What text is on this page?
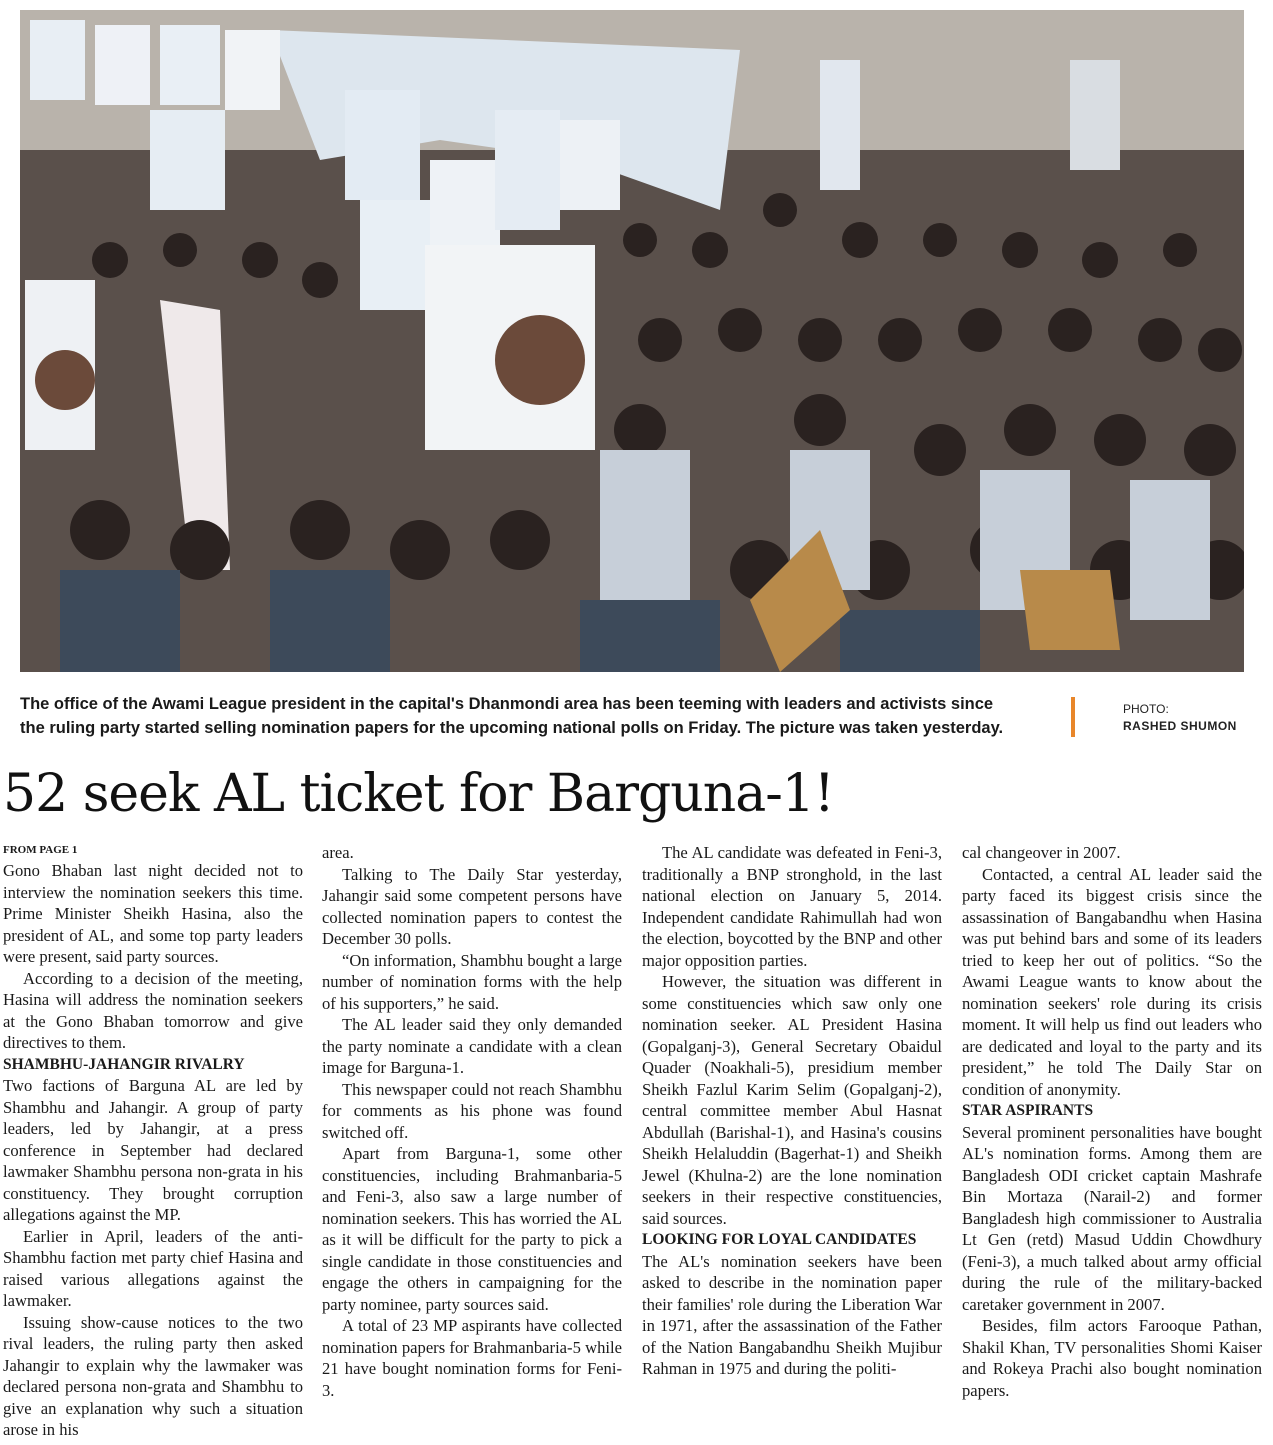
The office of the Awami League president in the capital's Dhanmondi area has been teeming with leaders and activists since
the ruling party started selling nomination papers for the upcoming national polls on Friday. The picture was taken yesterday.
PHOTO:
RASHED SHUMON
52 seek AL ticket for Barguna-1!

FROM PAGE 1

Gono Bhaban last night decided not to interview the nomination seekers this time. Prime Minister Sheikh Hasina, also the president of AL, and some top party leaders were present, said party sources.

According to a decision of the meeting, Hasina will address the nomination seekers at the Gono Bhaban tomorrow and give directives to them.

SHAMBHU-JAHANGIR RIVALRY

Two factions of Barguna AL are led by Shambhu and Jahangir. A group of party leaders, led by Jahangir, at a press conference in September had declared lawmaker Shambhu persona non-grata in his constituency. They brought corruption allegations against the MP.

Earlier in April, leaders of the anti-Shambhu faction met party chief Hasina and raised various allegations against the lawmaker.

Issuing show-cause notices to the two rival leaders, the ruling party then asked Jahangir to explain why the lawmaker was declared persona non-grata and Shambhu to give an explanation why such a situation arose in his

area.

Talking to The Daily Star yesterday, Jahangir said some competent persons have collected nomination papers to contest the December 30 polls.

“On information, Shambhu bought a large number of nomination forms with the help of his supporters,” he said.

The AL leader said they only demanded the party nominate a candidate with a clean image for Barguna-1.

This newspaper could not reach Shambhu for comments as his phone was found switched off.

Apart from Barguna-1, some other constituencies, including Brahmanbaria-5 and Feni-3, also saw a large number of nomination seekers. This has worried the AL as it will be difficult for the party to pick a single candidate in those constituencies and engage the others in campaigning for the party nominee, party sources said.

A total of 23 MP aspirants have collected nomination papers for Brahmanbaria-5 while 21 have bought nomination forms for Feni-3.

The AL candidate was defeated in Feni-3, traditionally a BNP stronghold, in the last national election on January 5, 2014. Independent candidate Rahimullah had won the election, boycotted by the BNP and other major opposition parties.

However, the situation was different in some constituencies which saw only one nomination seeker. AL President Hasina (Gopalganj-3), General Secretary Obaidul Quader (Noakhali-5), presidium member Sheikh Fazlul Karim Selim (Gopalganj-2), central committee member Abul Hasnat Abdullah (Barishal-1), and Hasina's cousins Sheikh Helaluddin (Bagerhat-1) and Sheikh Jewel (Khulna-2) are the lone nomination seekers in their respective constituencies, said sources.

LOOKING FOR LOYAL CANDIDATES

The AL's nomination seekers have been asked to describe in the nomination paper their families' role during the Liberation War in 1971, after the assassination of the Father of the Nation Bangabandhu Sheikh Mujibur Rahman in 1975 and during the politi-

cal changeover in 2007.

Contacted, a central AL leader said the party faced its biggest crisis since the assassination of Bangabandhu when Hasina was put behind bars and some of its leaders tried to keep her out of politics. “So the Awami League wants to know about the nomination seekers' role during its crisis moment. It will help us find out leaders who are dedicated and loyal to the party and its president,” he told The Daily Star on condition of anonymity.

STAR ASPIRANTS

Several prominent personalities have bought AL's nomination forms. Among them are Bangladesh ODI cricket captain Mashrafe Bin Mortaza (Narail-2) and former Bangladesh high commissioner to Australia Lt Gen (retd) Masud Uddin Chowdhury (Feni-3), a much talked about army official during the rule of the military-backed caretaker government in 2007.

Besides, film actors Farooque Pathan, Shakil Khan, TV personalities Shomi Kaiser and Rokeya Prachi also bought nomination papers.
